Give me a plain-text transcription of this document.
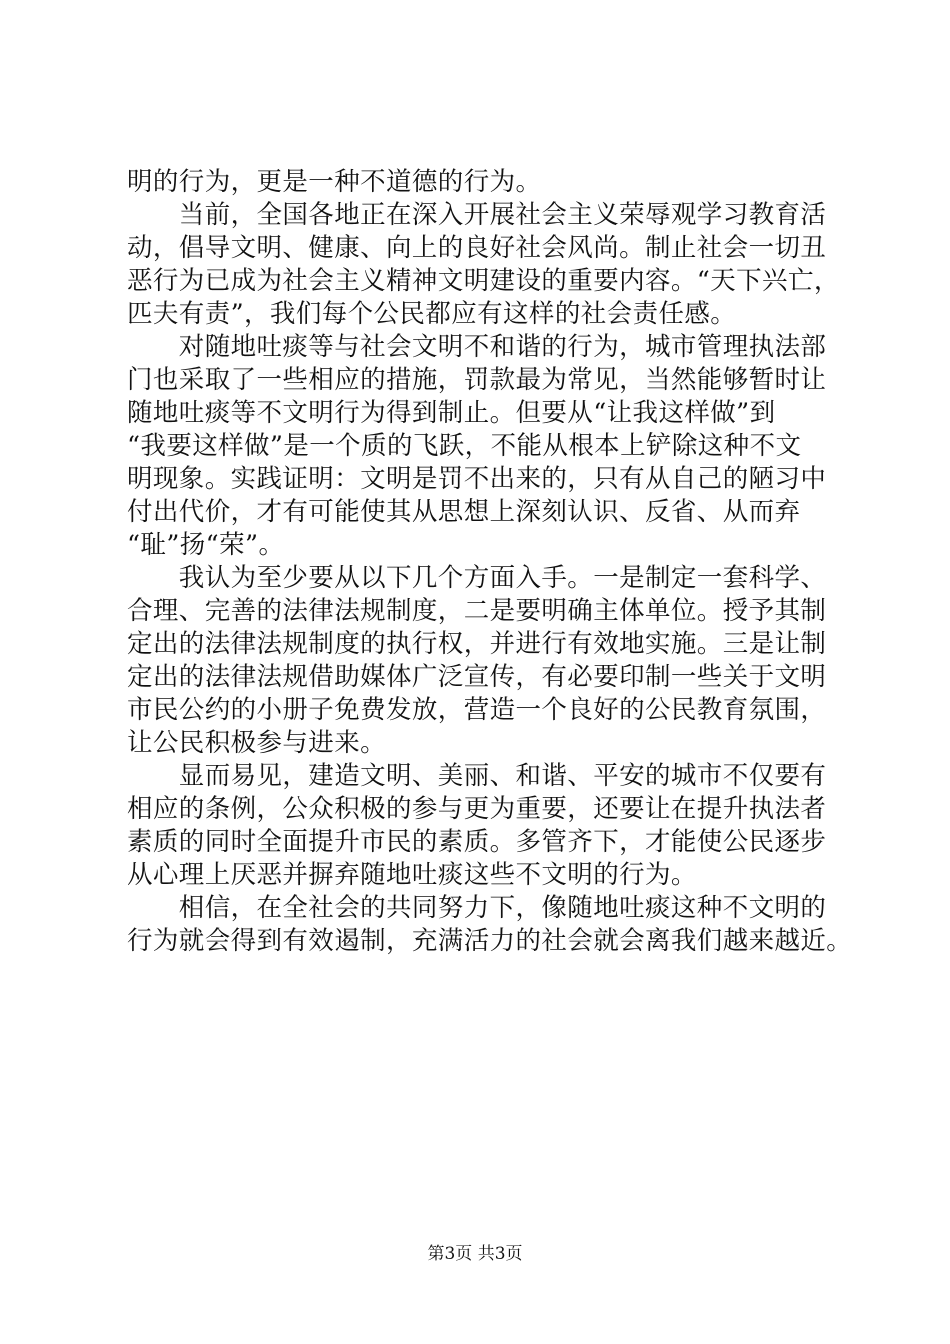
明的行为，更是一种不道德的行为。
　　当前，全国各地正在深入开展社会主义荣辱观学习教育活
动，倡导文明、健康、向上的良好社会风尚。制止社会一切丑
恶行为已成为社会主义精神文明建设的重要内容。“天下兴亡，
匹夫有责”，我们每个公民都应有这样的社会责任感。
　　对随地吐痰等与社会文明不和谐的行为，城市管理执法部
门也采取了一些相应的措施，罚款最为常见，当然能够暂时让
随地吐痰等不文明行为得到制止。但要从“让我这样做”到
“我要这样做”是一个质的飞跃，不能从根本上铲除这种不文
明现象。实践证明：文明是罚不出来的，只有从自己的陋习中
付出代价，才有可能使其从思想上深刻认识、反省、从而弃
“耻”扬“荣”。
　　我认为至少要从以下几个方面入手。一是制定一套科学、
合理、完善的法律法规制度，二是要明确主体单位。授予其制
定出的法律法规制度的执行权，并进行有效地实施。三是让制
定出的法律法规借助媒体广泛宣传，有必要印制一些关于文明
市民公约的小册子免费发放，营造一个良好的公民教育氛围，
让公民积极参与进来。
　　显而易见，建造文明、美丽、和谐、平安的城市不仅要有
相应的条例，公众积极的参与更为重要，还要让在提升执法者
素质的同时全面提升市民的素质。多管齐下，才能使公民逐步
从心理上厌恶并摒弃随地吐痰这些不文明的行为。
　　相信，在全社会的共同努力下，像随地吐痰这种不文明的
行为就会得到有效遏制，充满活力的社会就会离我们越来越近。
第3页 共3页
